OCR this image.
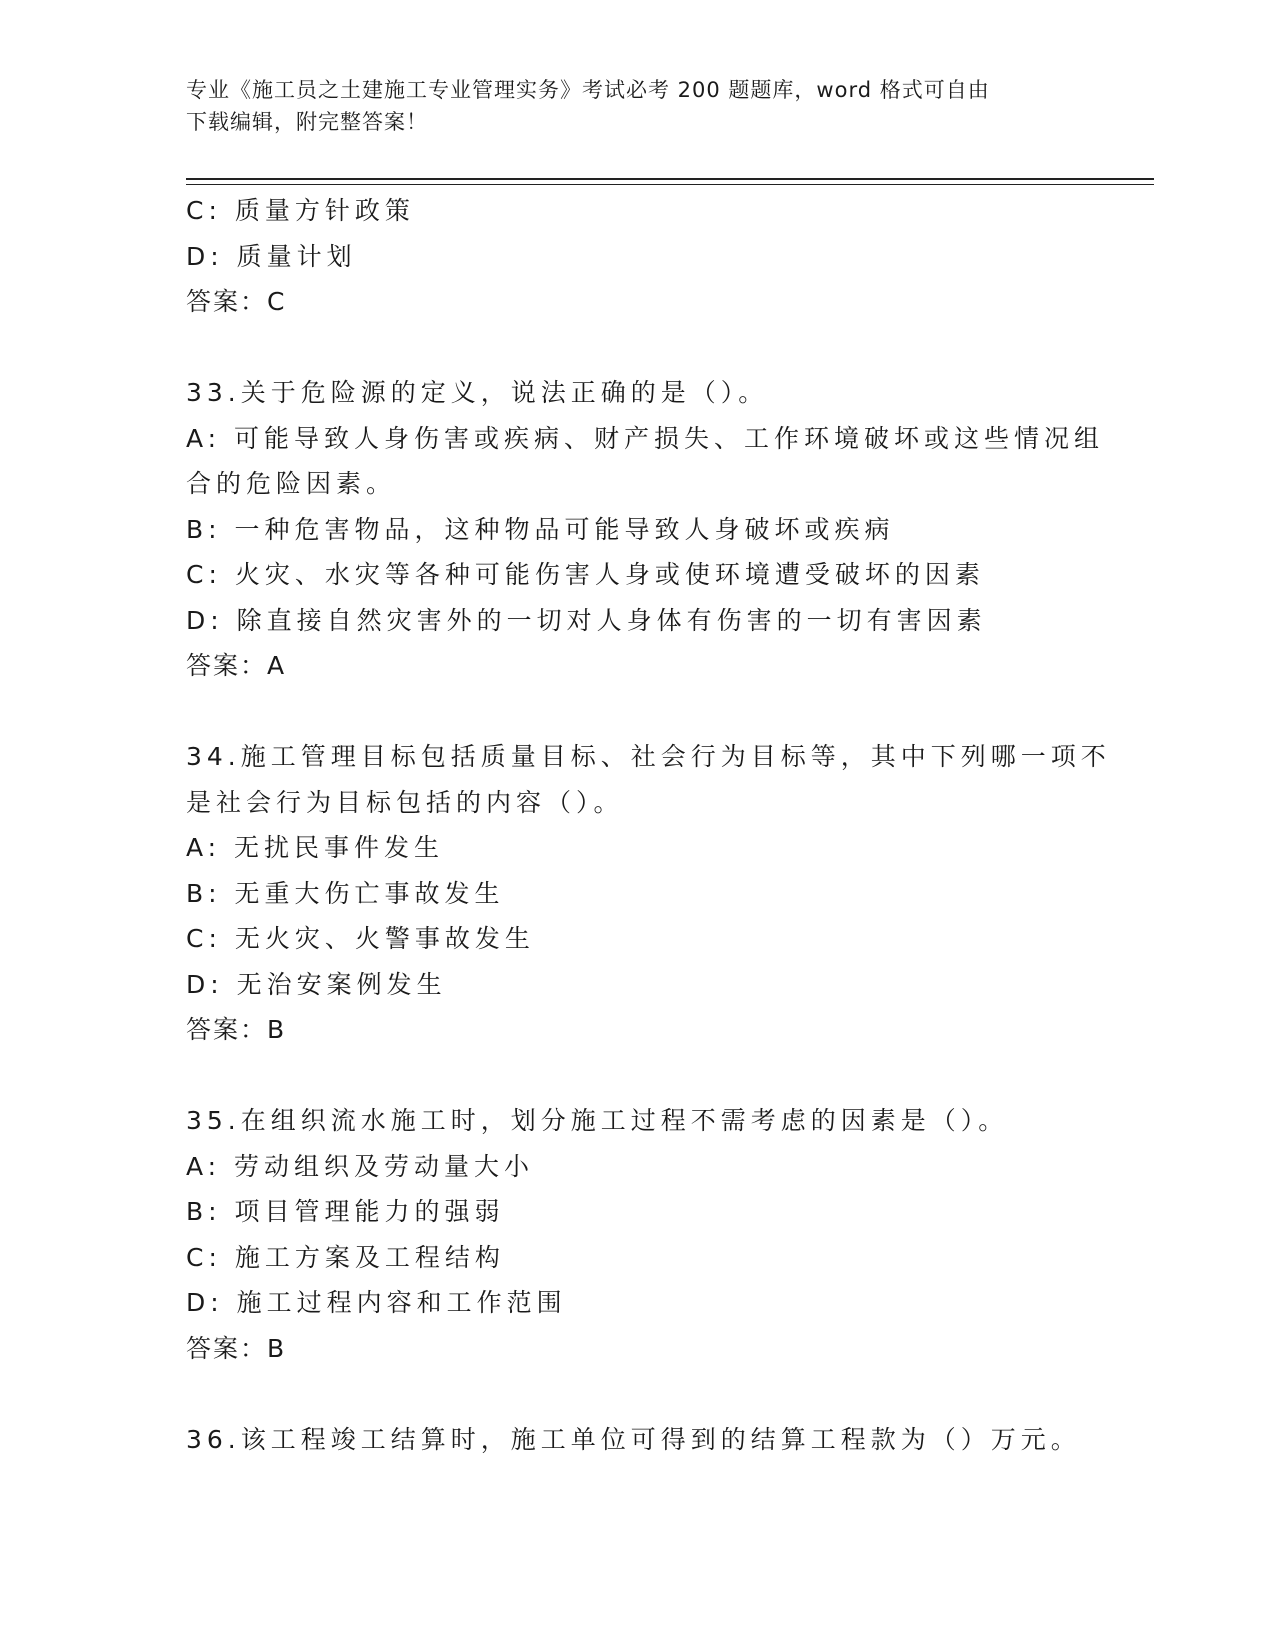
专业《施工员之土建施工专业管理实务》考试必考 200 题题库，word 格式可自由
下载编辑，附完整答案！
C: 质量方针政策
D: 质量计划
答案：C
33.关于危险源的定义，说法正确的是（）。
A: 可能导致人身伤害或疾病、财产损失、工作环境破坏或这些情况组
合的危险因素。
B: 一种危害物品，这种物品可能导致人身破坏或疾病
C: 火灾、水灾等各种可能伤害人身或使环境遭受破坏的因素
D: 除直接自然灾害外的一切对人身体有伤害的一切有害因素
答案：A
34.施工管理目标包括质量目标、社会行为目标等，其中下列哪一项不
是社会行为目标包括的内容（）。
A: 无扰民事件发生
B: 无重大伤亡事故发生
C: 无火灾、火警事故发生
D: 无治安案例发生
答案：B
35.在组织流水施工时，划分施工过程不需考虑的因素是（）。
A: 劳动组织及劳动量大小
B: 项目管理能力的强弱
C: 施工方案及工程结构
D: 施工过程内容和工作范围
答案：B
36.该工程竣工结算时，施工单位可得到的结算工程款为（）万元。
